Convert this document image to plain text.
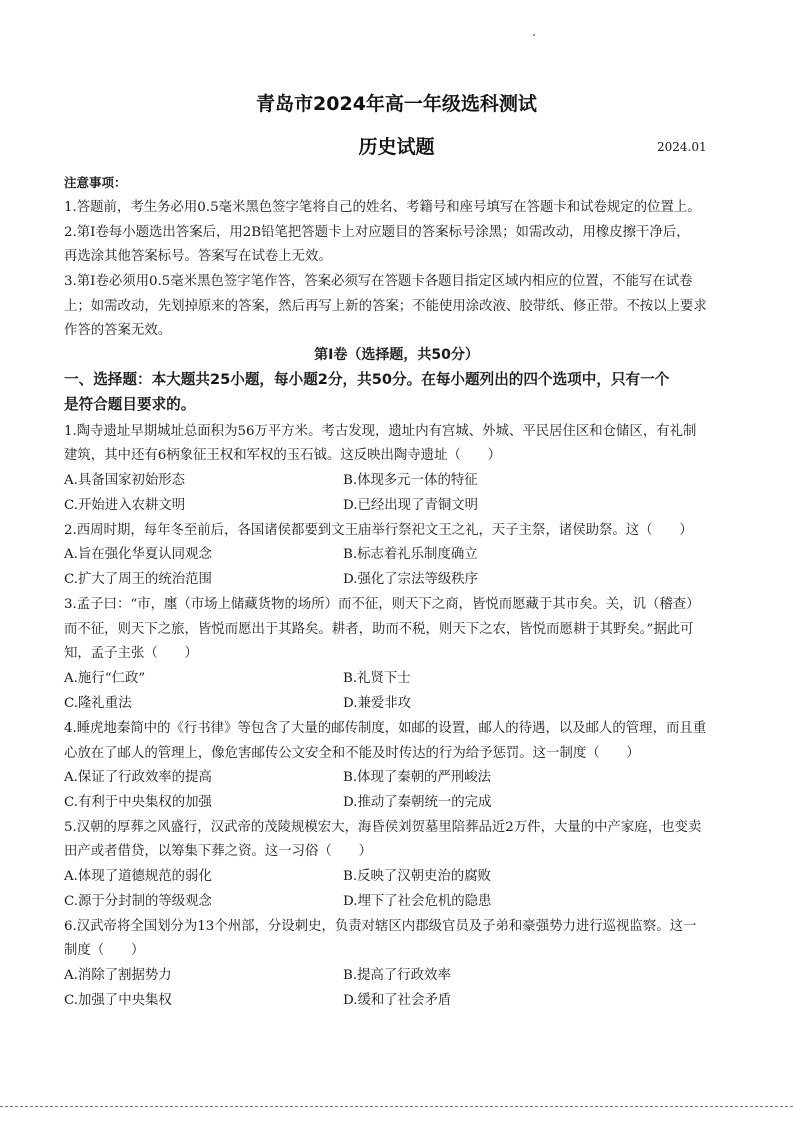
青岛市2024年高一年级选科测试
历史试题	2024.01
注意事项：
1.答题前，考生务必用0.5毫米黑色签字笔将自己的姓名、考籍号和座号填写在答题卡和试卷规定的位置上。
2.第Ⅰ卷每小题选出答案后，用2B铅笔把答题卡上对应题目的答案标号涂黑；如需改动，用橡皮擦干净后，
再选涂其他答案标号。答案写在试卷上无效。
3.第Ⅰ卷必须用0.5毫米黑色签字笔作答，答案必须写在答题卡各题目指定区域内相应的位置，不能写在试卷
上；如需改动，先划掉原来的答案，然后再写上新的答案；不能使用涂改液、胶带纸、修正带。不按以上要求
作答的答案无效。
第Ⅰ卷（选择题，共50分）
一、选择题：本大题共25小题，每小题2分，共50分。在每小题列出的四个选项中，只有一个
是符合题目要求的。
1.陶寺遗址早期城址总面积为56万平方米。考古发现，遗址内有宫城、外城、平民居住区和仓储区，有礼制
建筑，其中还有6柄象征王权和军权的玉石钺。这反映出陶寺遗址（　　）
A.具备国家初始形态	B.体现多元一体的特征
C.开始进入农耕文明	D.已经出现了青铜文明
2.西周时期，每年冬至前后，各国诸侯都要到文王庙举行祭祀文王之礼，天子主祭，诸侯助祭。这（　　）
A.旨在强化华夏认同观念	B.标志着礼乐制度确立
C.扩大了周王的统治范围	D.强化了宗法等级秩序
3.孟子曰：“市，廛（市场上储藏货物的场所）而不征，则天下之商，皆悦而愿藏于其市矣。关，讥（稽查）
而不征，则天下之旅，皆悦而愿出于其路矣。耕者，助而不税，则天下之农，皆悦而愿耕于其野矣。”据此可
知，孟子主张（　　）
A.施行“仁政”	B.礼贤下士
C.隆礼重法	D.兼爱非攻
4.睡虎地秦简中的《行书律》等包含了大量的邮传制度，如邮的设置，邮人的待遇，以及邮人的管理，而且重
心放在了邮人的管理上，像危害邮传公文安全和不能及时传达的行为给予惩罚。这一制度（　　）
A.保证了行政效率的提高	B.体现了秦朝的严刑峻法
C.有利于中央集权的加强	D.推动了秦朝统一的完成
5.汉朝的厚葬之风盛行，汉武帝的茂陵规模宏大，海昏侯刘贺墓里陪葬品近2万件，大量的中产家庭，也变卖
田产或者借贷，以筹集下葬之资。这一习俗（　　）
A.体现了道德规范的弱化	B.反映了汉朝吏治的腐败
C.源于分封制的等级观念	D.埋下了社会危机的隐患
6.汉武帝将全国划分为13个州部，分设刺史，负责对辖区内郡级官员及子弟和豪强势力进行巡视监察。这一
制度（　　）
A.消除了割据势力	B.提高了行政效率
C.加强了中央集权	D.缓和了社会矛盾
